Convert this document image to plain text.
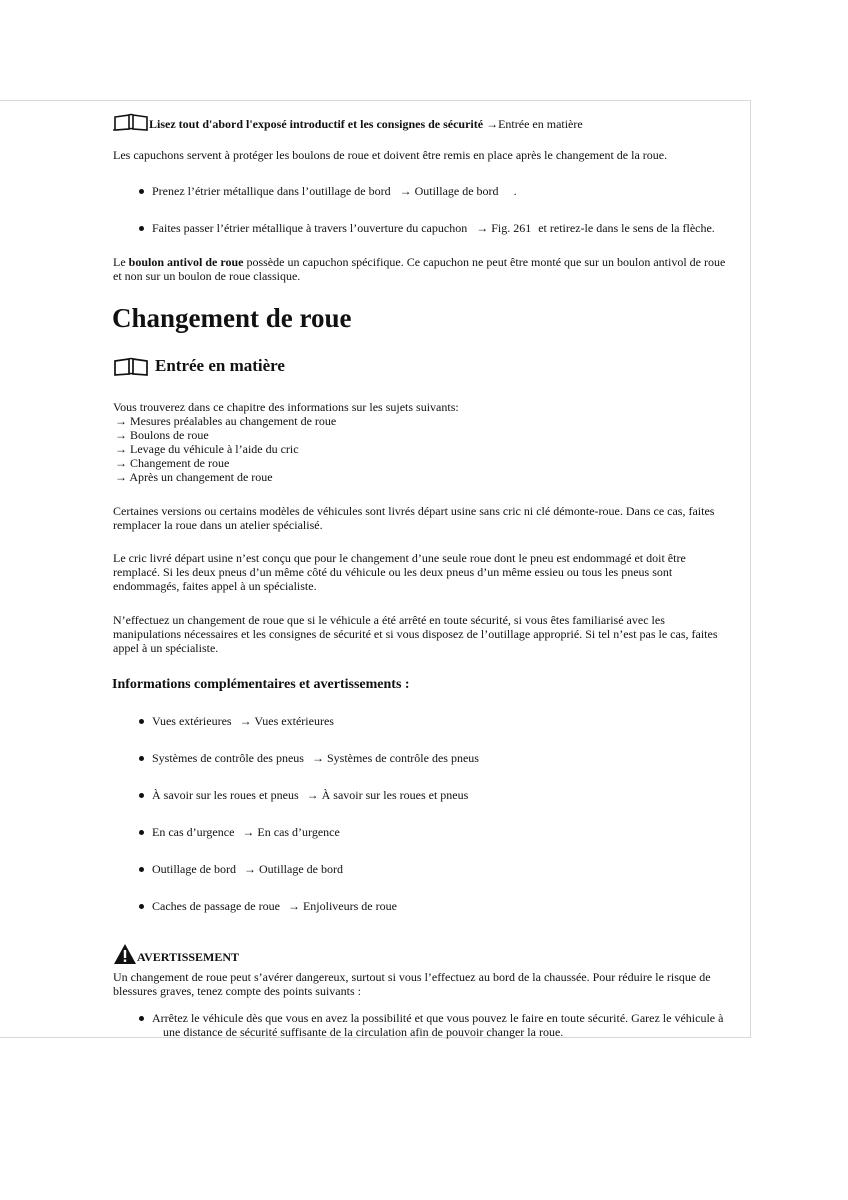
Lisez tout d'abord l'exposé introductif et les consignes de sécurité →Entrée en matière
Les capuchons servent à protéger les boulons de roue et doivent être remis en place après le changement de la roue.
Prenez l’étrier métallique dans l’outillage de bord → Outillage de bord .
Faites passer l’étrier métallique à travers l’ouverture du capuchon → Fig. 261 et retirez-le dans le sens de la flèche.
Le boulon antivol de roue possède un capuchon spécifique. Ce capuchon ne peut être monté que sur un boulon antivol de roue
et non sur un boulon de roue classique.
Changement de roue
Entrée en matière
Vous trouverez dans ce chapitre des informations sur les sujets suivants:
→ Mesures préalables au changement de roue
→ Boulons de roue
→ Levage du véhicule à l’aide du cric
→ Changement de roue
→ Après un changement de roue
Certaines versions ou certains modèles de véhicules sont livrés départ usine sans cric ni clé démonte-roue. Dans ce cas, faites
remplacer la roue dans un atelier spécialisé.
Le cric livré départ usine n’est conçu que pour le changement d’une seule roue dont le pneu est endommagé et doit être
remplacé. Si les deux pneus d’un même côté du véhicule ou les deux pneus d’un même essieu ou tous les pneus sont
endommagés, faites appel à un spécialiste.
N’effectuez un changement de roue que si le véhicule a été arrêté en toute sécurité, si vous êtes familiarisé avec les
manipulations nécessaires et les consignes de sécurité et si vous disposez de l’outillage approprié. Si tel n’est pas le cas, faites
appel à un spécialiste.
Informations complémentaires et avertissements :
Vues extérieures → Vues extérieures
Systèmes de contrôle des pneus → Systèmes de contrôle des pneus
À savoir sur les roues et pneus → À savoir sur les roues et pneus
En cas d’urgence → En cas d’urgence
Outillage de bord → Outillage de bord
Caches de passage de roue → Enjoliveurs de roue
AVERTISSEMENT
Un changement de roue peut s’avérer dangereux, surtout si vous l’effectuez au bord de la chaussée. Pour réduire le risque de
blessures graves, tenez compte des points suivants :
Arrêtez le véhicule dès que vous en avez la possibilité et que vous pouvez le faire en toute sécurité. Garez le véhicule à
une distance de sécurité suffisante de la circulation afin de pouvoir changer la roue.
